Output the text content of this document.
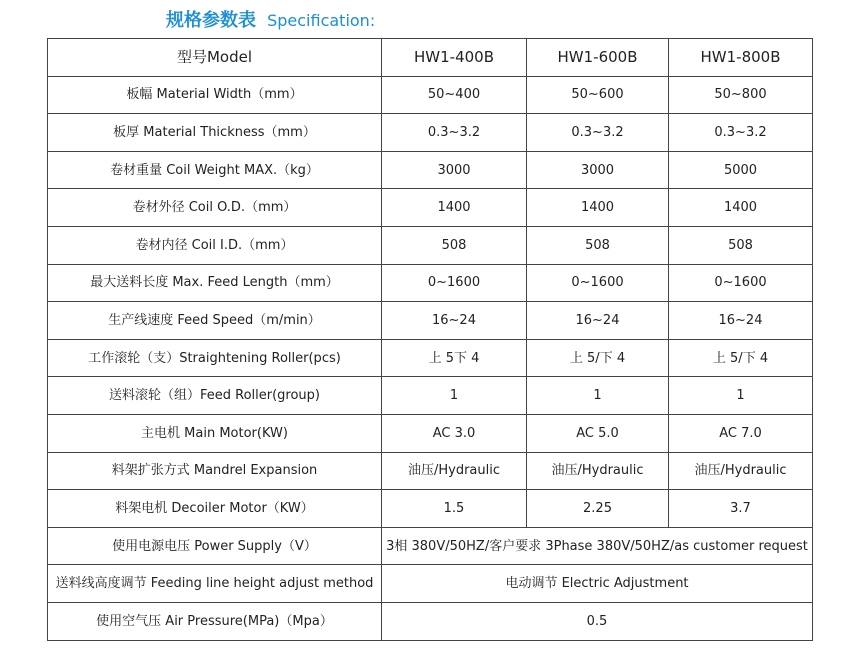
规格参数表 Specification:
型号Model	HW1-400B	HW1-600B	HW1-800B
板幅 Material Width（mm）	50~400	50~600	50~800
板厚 Material Thickness（mm）	0.3~3.2	0.3~3.2	0.3~3.2
卷材重量 Coil Weight MAX.（kg）	3000	3000	5000
卷材外径 Coil O.D.（mm）	1400	1400	1400
卷材内径 Coil I.D.（mm）	508	508	508
最大送料长度 Max. Feed Length（mm）	0~1600	0~1600	0~1600
生产线速度 Feed Speed（m/min）	16~24	16~24	16~24
工作滚轮（支）Straightening Roller(pcs)	上 5下 4	上 5/下 4	上 5/下 4
送料滚轮（组）Feed Roller(group)	1	1	1
主电机 Main Motor(KW)	AC 3.0	AC 5.0	AC 7.0
料架扩张方式 Mandrel Expansion	油压/Hydraulic	油压/Hydraulic	油压/Hydraulic
料架电机 Decoiler Motor（KW）	1.5	2.25	3.7
使用电源电压 Power Supply（V）	3相 380V/50HZ/客户要求 3Phase 380V/50HZ/as customer request		
送料线高度调节 Feeding line height adjust method	电动调节 Electric Adjustment		
使用空气压 Air Pressure(MPa)（Mpa）	0.5		
